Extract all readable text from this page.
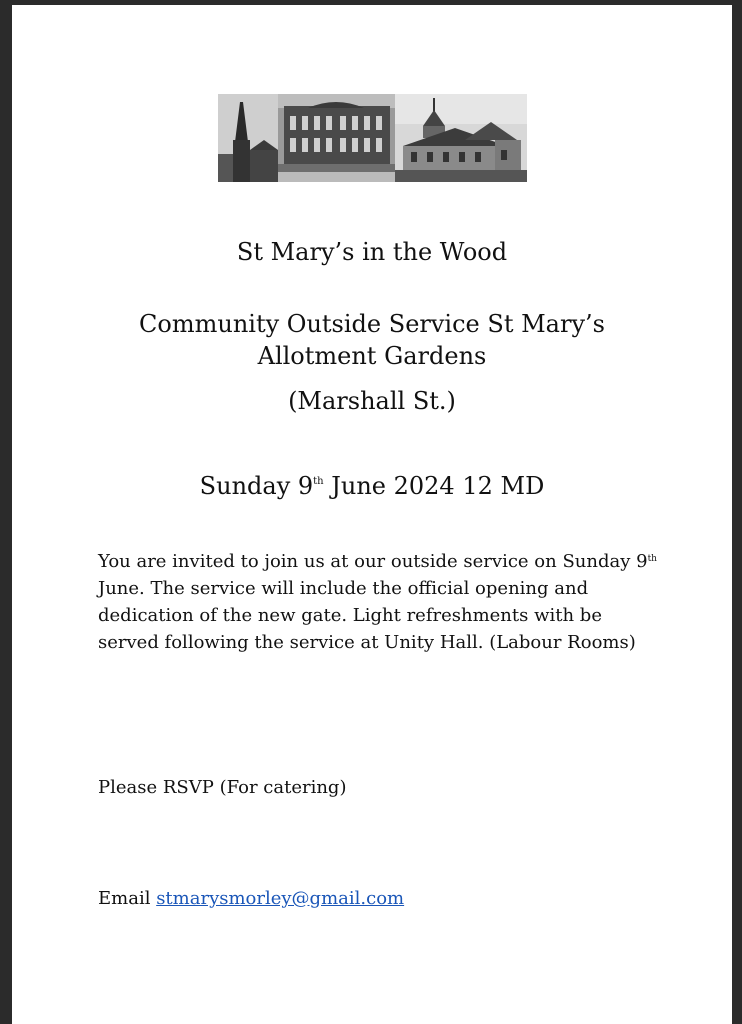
St Mary’s in the Wood
Community Outside Service St Mary’s Allotment Gardens
(Marshall St.)
Sunday 9th June 2024 12 MD
You are invited to join us at our outside service on Sunday 9th June. The service will include the official opening and dedication of the new gate. Light refreshments with be served following the service at Unity Hall. (Labour Rooms)
Please RSVP (For catering)
Email stmarysmorley@gmail.com
